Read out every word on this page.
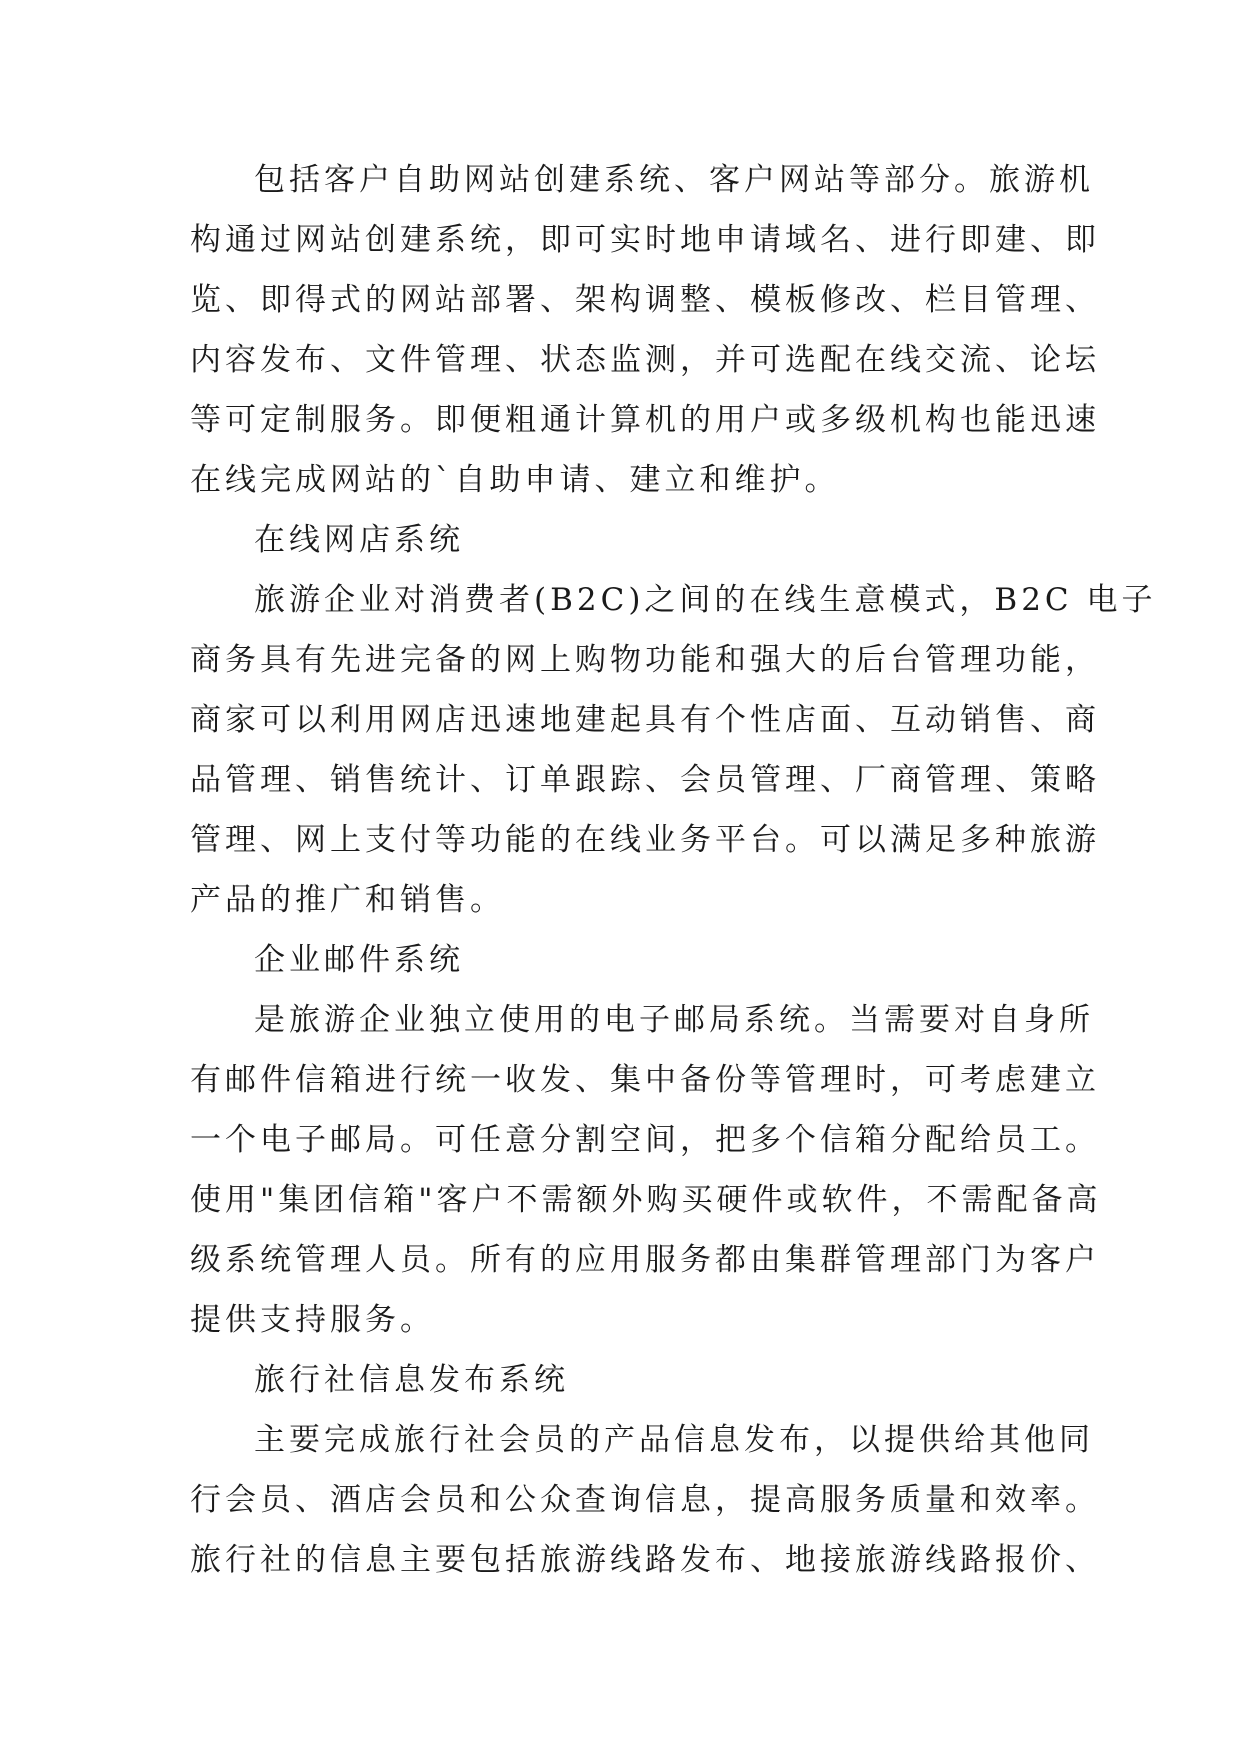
包括客户自助网站创建系统、客户网站等部分。旅游机
构通过网站创建系统，即可实时地申请域名、进行即建、即
览、即得式的网站部署、架构调整、模板修改、栏目管理、
内容发布、文件管理、状态监测，并可选配在线交流、论坛
等可定制服务。即便粗通计算机的用户或多级机构也能迅速
在线完成网站的`自助申请、建立和维护。
在线网店系统
旅游企业对消费者(B2C)之间的在线生意模式，B2C 电子
商务具有先进完备的网上购物功能和强大的后台管理功能，
商家可以利用网店迅速地建起具有个性店面、互动销售、商
品管理、销售统计、订单跟踪、会员管理、厂商管理、策略
管理、网上支付等功能的在线业务平台。可以满足多种旅游
产品的推广和销售。
企业邮件系统
是旅游企业独立使用的电子邮局系统。当需要对自身所
有邮件信箱进行统一收发、集中备份等管理时，可考虑建立
一个电子邮局。可任意分割空间，把多个信箱分配给员工。
使用"集团信箱"客户不需额外购买硬件或软件，不需配备高
级系统管理人员。所有的应用服务都由集群管理部门为客户
提供支持服务。
旅行社信息发布系统
主要完成旅行社会员的产品信息发布，以提供给其他同
行会员、酒店会员和公众查询信息，提高服务质量和效率。
旅行社的信息主要包括旅游线路发布、地接旅游线路报价、
